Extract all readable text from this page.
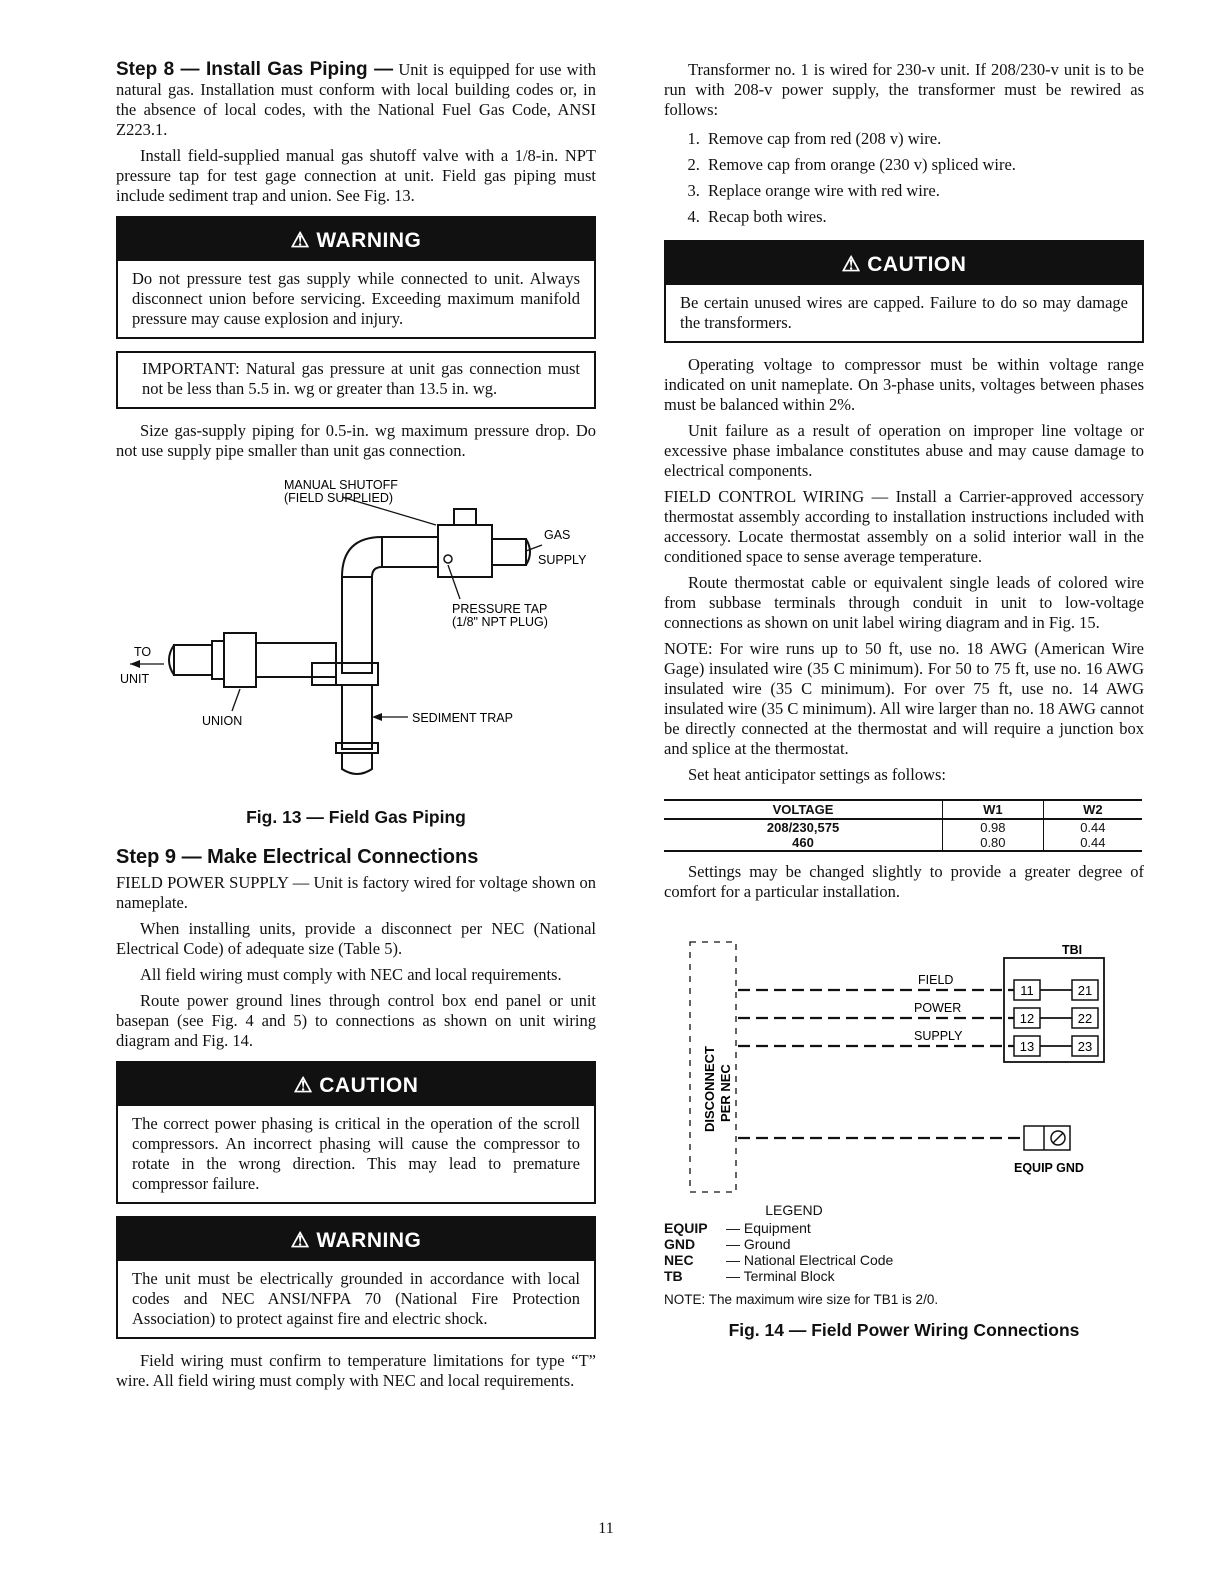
Step 8 — Install Gas Piping — Unit is equipped for use with natural gas. Installation must conform with local building codes or, in the absence of local codes, with the National Fuel Gas Code, ANSI Z223.1.

Install field-supplied manual gas shutoff valve with a 1/8-in. NPT pressure tap for test gage connection at unit. Field gas piping must include sediment trap and union. See Fig. 13.

⚠ WARNING

Do not pressure test gas supply while connected to unit. Always disconnect union before servicing. Exceeding maximum manifold pressure may cause explosion and injury.

IMPORTANT: Natural gas pressure at unit gas connection must not be less than 5.5 in. wg or greater than 13.5 in. wg.

Size gas-supply piping for 0.5-in. wg maximum pressure drop. Do not use supply pipe smaller than unit gas connection.

MANUAL SHUTOFF
(FIELD SUPPLIED)
GAS
SUPPLY
PRESSURE TAP
(1/8" NPT PLUG)
TO
UNIT
UNION	SEDIMENT TRAP
Fig. 13 — Field Gas Piping
Step 9 — Make Electrical Connections

FIELD POWER SUPPLY — Unit is factory wired for voltage shown on nameplate.

When installing units, provide a disconnect per NEC (National Electrical Code) of adequate size (Table 5).

All field wiring must comply with NEC and local requirements.

Route power ground lines through control box end panel or unit basepan (see Fig. 4 and 5) to connections as shown on unit wiring diagram and Fig. 14.

⚠ CAUTION

The correct power phasing is critical in the operation of the scroll compressors. An incorrect phasing will cause the compressor to rotate in the wrong direction. This may lead to premature compressor failure.

⚠ WARNING

The unit must be electrically grounded in accordance with local codes and NEC ANSI/NFPA 70 (National Fire Protection Association) to protect against fire and electric shock.

Field wiring must confirm to temperature limitations for type “T” wire. All field wiring must comply with NEC and local requirements.

Transformer no. 1 is wired for 230-v unit. If 208/230-v unit is to be run with 208-v power supply, the transformer must be rewired as follows:

1. Remove cap from red (208 v) wire.
2. Remove cap from orange (230 v) spliced wire.
3. Replace orange wire with red wire.
4. Recap both wires.
⚠ CAUTION

Be certain unused wires are capped. Failure to do so may damage the transformers.

Operating voltage to compressor must be within voltage range indicated on unit nameplate. On 3-phase units, voltages between phases must be balanced within 2%.

Unit failure as a result of operation on improper line voltage or excessive phase imbalance constitutes abuse and may cause damage to electrical components.

FIELD CONTROL WIRING — Install a Carrier-approved accessory thermostat assembly according to installation instructions included with accessory. Locate thermostat assembly on a solid interior wall in the conditioned space to sense average temperature.

Route thermostat cable or equivalent single leads of colored wire from subbase terminals through conduit in unit to low-voltage connections as shown on unit label wiring diagram and in Fig. 15.

NOTE: For wire runs up to 50 ft, use no. 18 AWG (American Wire Gage) insulated wire (35 C minimum). For 50 to 75 ft, use no. 16 AWG insulated wire (35 C minimum). For over 75 ft, use no. 14 AWG insulated wire (35 C minimum). All wire larger than no. 18 AWG cannot be directly connected at the thermostat and will require a junction box and splice at the thermostat.

Set heat anticipator settings as follows:

VOLTAGE	W1	W2
208/230,575	0.98	0.44
460	0.80	0.44

Settings may be changed slightly to provide a greater degree of comfort for a particular installation.

DISCONNECT PER NEC
TBI
11
12
13
21
22
23
FIELD
POWER
SUPPLY
EQUIP GND
LEGEND
EQUIP	— Equipment
GND	— Ground
NEC	— National Electrical Code
TB	— Terminal Block
NOTE: The maximum wire size for TB1 is 2/0.
Fig. 14 — Field Power Wiring Connections
11
